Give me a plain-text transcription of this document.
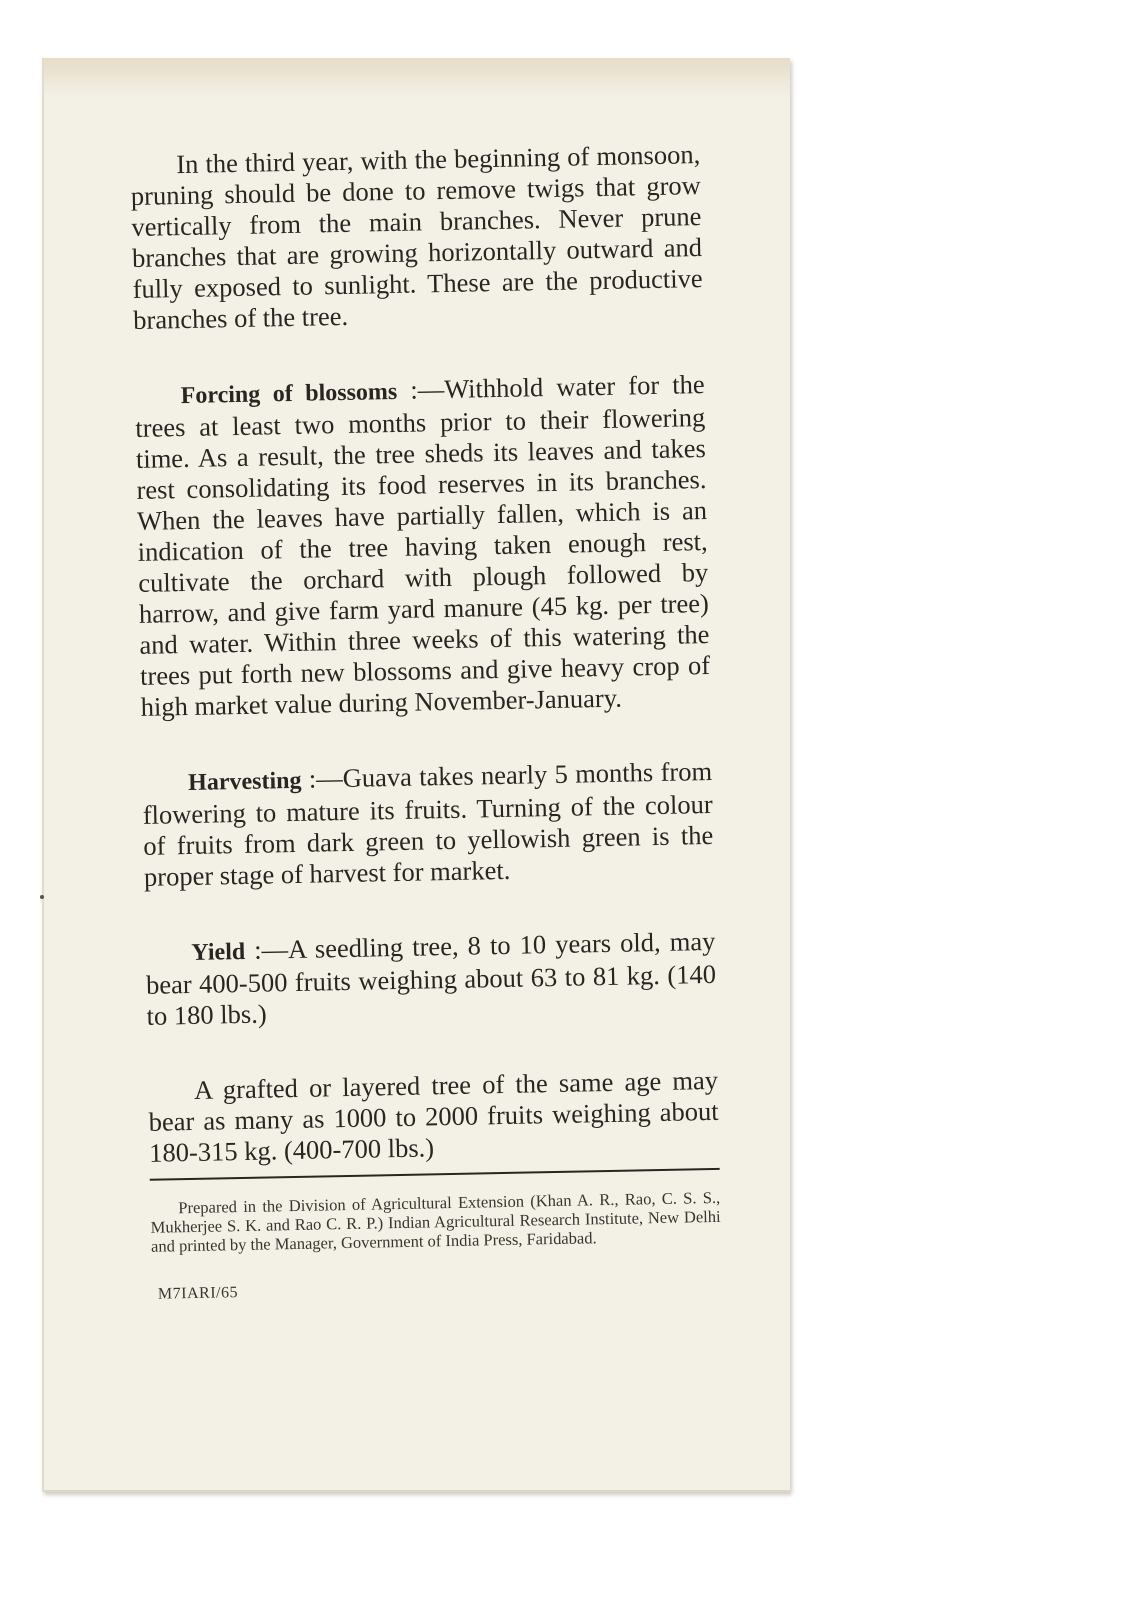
In the third year, with the beginning of monsoon, pruning should be done to remove twigs that grow vertically from the main branches. Never prune branches that are growing horizontally outward and fully exposed to sunlight. These are the productive branches of the tree.

Forcing of blossoms :—Withhold water for the trees at least two months prior to their flowering time. As a result, the tree sheds its leaves and takes rest consolidating its food reserves in its branches. When the leaves have partially fallen, which is an indication of the tree having taken enough rest, cultivate the orchard with plough followed by harrow, and give farm yard manure (45 kg. per tree) and water. Within three weeks of this watering the trees put forth new blossoms and give heavy crop of high market value during November-January.

Harvesting :—Guava takes nearly 5 months from flowering to mature its fruits. Turning of the colour of fruits from dark green to yellowish green is the proper stage of harvest for market.

Yield :—A seedling tree, 8 to 10 years old, may bear 400-500 fruits weighing about 63 to 81 kg. (140 to 180 lbs.)

A grafted or layered tree of the same age may bear as many as 1000 to 2000 fruits weighing about 180-315 kg. (400-700 lbs.)

Prepared in the Division of Agricultural Extension (Khan A. R., Rao, C. S. S., Mukherjee S. K. and Rao C. R. P.) Indian Agricultural Research Institute, New Delhi and printed by the Manager, Government of India Press, Faridabad.

M7IARI/65
